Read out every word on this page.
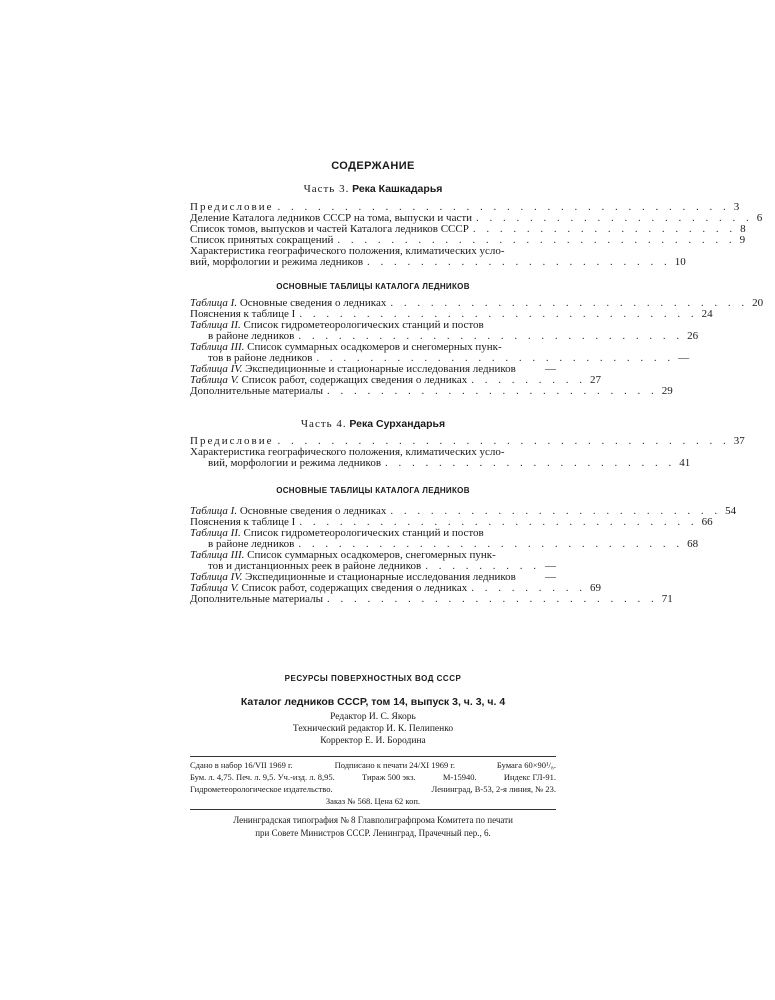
СОДЕРЖАНИЕ
Часть 3. Река Кашкадарья
Предисловие . . . . . . . . . . . . . . . . . . . . . . . . . . . . . . . . . . 3
Деление Каталога ледников СССР на тома, выпуски и части . . . . . . . . . . . . . . . . . . . . . 6
Список томов, выпусков и частей Каталога ледников СССР . . . . . . . . . . . . . . . . . . . . 8
Список принятых сокращений . . . . . . . . . . . . . . . . . . . . . . . . . . . . . . 9
Характеристика географического положения, климатических усло-
вий, морфологии и режима ледников . . . . . . . . . . . . . . . . . . . . . . . 10
ОСНОВНЫЕ ТАБЛИЦЫ КАТАЛОГА ЛЕДНИКОВ
Таблица I. Основные сведения о ледниках . . . . . . . . . . . . . . . . . . . . . . . . . . . 20
Пояснения к таблице I . . . . . . . . . . . . . . . . . . . . . . . . . . . . . . 24
Таблица II. Список гидрометеорологических станций и постов
в районе ледников . . . . . . . . . . . . . . . . . . . . . . . . . . . . . 26
Таблица III. Список суммарных осадкомеров и снегомерных пунк-
тов в районе ледников . . . . . . . . . . . . . . . . . . . . . . . . . . . —
Таблица IV. Экспедиционные и стационарные исследования ледников	—
Таблица V. Список работ, содержащих сведения о ледниках . . . . . . . . . 27
Дополнительные материалы . . . . . . . . . . . . . . . . . . . . . . . . . 29
Часть 4. Река Сурхандарья
Предисловие . . . . . . . . . . . . . . . . . . . . . . . . . . . . . . . . . . 37
Характеристика географического положения, климатических усло-
вий, морфологии и режима ледников . . . . . . . . . . . . . . . . . . . . . . 41
ОСНОВНЫЕ ТАБЛИЦЫ КАТАЛОГА ЛЕДНИКОВ
Таблица I. Основные сведения о ледниках . . . . . . . . . . . . . . . . . . . . . . . . . 54
Пояснения к таблице I . . . . . . . . . . . . . . . . . . . . . . . . . . . . . . 66
Таблица II. Список гидрометеорологических станций и постов
в районе ледников . . . . . . . . . . . . . . . . . . . . . . . . . . . . . 68
Таблица III. Список суммарных осадкомеров, снегомерных пунк-
тов и дистанционных реек в районе ледников . . . . . . . . . —
Таблица IV. Экспедиционные и стационарные исследования ледников	—
Таблица V. Список работ, содержащих сведения о ледниках . . . . . . . . . 69
Дополнительные материалы . . . . . . . . . . . . . . . . . . . . . . . . . 71
РЕСУРСЫ ПОВЕРХНОСТНЫХ ВОД СССР
Каталог ледников СССР, том 14, выпуск 3, ч. 3, ч. 4
Редактор И. С. Якорь
Технический редактор И. К. Пелипенко
Корректор Е. И. Бородина
Сдано в набор 16/VII 1969 г.	Подписано к печати 24/XI 1969 г.	Бумага 60×90¹/₈.
Бум. л. 4,75. Печ. л. 9,5. Уч.-изд. л. 8,95.	Тираж 500 экз.	М-15940.	Индекс ГЛ-91.
Гидрометеорологическое издательство.	Ленинград, В-53, 2-я линия, № 23.
Заказ № 568. Цена 62 коп.
Ленинградская типография № 8 Главполиграфпрома Комитета по печати
при Совете Министров СССР. Ленинград, Прачечный пер., 6.
